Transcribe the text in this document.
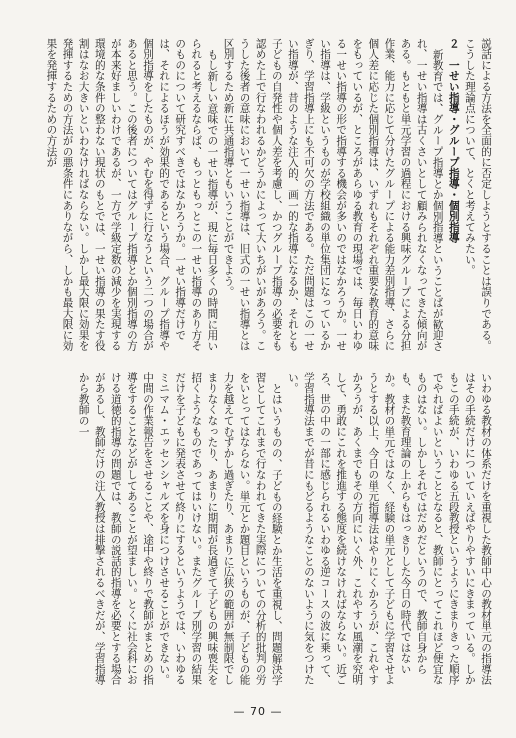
説話による方法を全面的に否定しようとすることは誤りである。こうした理論点について、とくと考えてみたい。

２　一せい指導・グループ指導・個別指導

新教育では、グループ指導とか個別指導ということばが歓迎され、一せい指導は古くさいとして顧みられなくなってきた傾向がある。もともと単元学習の過程における興味グループによる分担作業、能力に応じて分けたグループによる能力差別指導、さらに個人差に応じた個別指導は、いずれもそれぞれ重要な教育的意味をもっているが、ところがあらゆる教育の現場では、毎日いわゆる一せい指導の形で指導する機会が多いのではなかろうか。一せい指導は、学級というものが学校組織の単位集団になっているかぎり、学習指導上にも不可欠の方法である。ただ問題はこの一せい指導が、昔のような注入的、画一的な指導になるか、それとも子どもの自発性や個人差を考慮し、かつグループ指導の必要をも認めた上で行なわれるかどうかによって大いちがいがあろう。こうした後者の意味において一せい指導は、旧式の一せい指導とは区別するため新に共通指導ともいうことができよう。

もし新しい意味での一せい指導が、現に毎日多くの時間に用いられると考えるならば、もっともっとこの一せい指導のあり方そのものについて研究すべきではなかろうか。一せい指導だけでは、それによるほうが効果的であるという場合、グループ指導や個別指導をしたものが、やむを得ずに行なうという二つの場合があると思う。この後者についてはグループ指導とか個別指導の方が本来好ましいわけであるが、一方で学級定数の減少を実現する環境的な条件の整わない現状のもとでは、一せい指導の果たす役割はなお大きいといわなければならない。しかし最大限に効果を発揮するための方法がの悪条件にありながら、しかも最大限に効果を発揮するための方法が

いわゆる教材の体系だけを重視した教師中心の教材単元の指導法はその手続だけについていえばやりやすいにきまっている。しかもこの手続が、いわゆる五段教授というようにきまりきった順序でやればよいということとなると、教師にとってこれほど便宜なものはない。しかしそれではだめだというので、教師自身からも、また教育理論の上からもはっきりした今日の時代ではないか。教材の単元ではなく、経験の単元として子どもに学習させようとする以上、今日の単元指導法はやりにくかろうが、これやすかろうが、あくまでもその方向にいく外、これやすい風潮を究明して、勇敢にこれを推進する態度を続けなければならない。近ごろ、世の中の一部に感じられるいわゆる逆コースの波に乗って、学習指導法までが昔にもどるようなことのないように気をつけたい。

とはいうものの、子どもの経験とか生活を重視し、問題解決学習としてこれまで行なわれてきた実際についての分析的批判の労をいとってはならない。単元とか題目というものが、子どもの能力を越えてむずかし過ぎたり、あまりに広狭の範囲が無制限でしまりなくなったり、あまりに期間が長過ぎて子どもの興味喪失を招くようなものであってはいけない。またグループ別学習の結果だけを子どもに発表させて終りにするというようでは、いわゆるミニマム・エッセンシャルズを身につけさせることができない。中間の作業報告をさせることや、途中や終りで教師がまとめの指導をすることなどがしてあることが望ましい。とくに社会科における道徳的指導の問題では、教師の説話的指導を必要とする場合があるし、教師だけの注入教授は排撃されるべきだが、学習指導から教師の一

— 70 —
